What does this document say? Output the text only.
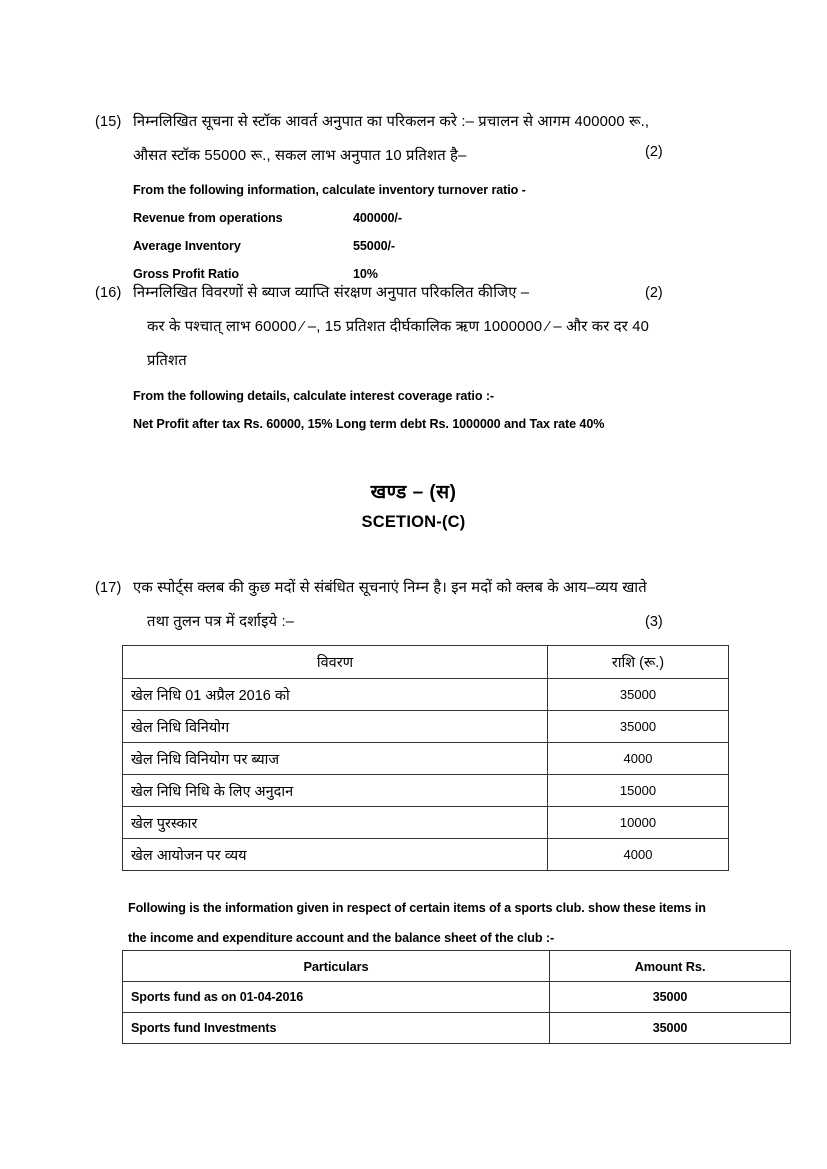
(15) निम्नलिखित सूचना से स्टॉक आवर्त अनुपात का परिकलन करे :– प्रचालन से आगम 400000 रू.,
औसत स्टॉक 55000 रू., सकल लाभ अनुपात 10 प्रतिशत है–
From the following information, calculate inventory turnover ratio -
Revenue from operations	400000/-
Average Inventory	55000/-
Gross Profit Ratio	10%
(2)
(16) निम्नलिखित विवरणों से ब्याज व्याप्ति संरक्षण अनुपात परिकलित कीजिए –
कर के पश्चात् लाभ 60000 ⁄ –, 15 प्रतिशत दीर्घकालिक ऋण 1000000 ⁄ – और कर दर 40
प्रतिशत
From the following details, calculate interest coverage ratio :-
Net Profit after tax Rs. 60000, 15% Long term debt Rs. 1000000 and Tax rate 40%
(2)
खण्ड – (स)
SCETION-(C)
(17) एक स्पोर्ट्स क्लब की कुछ मदों से संबंधित सूचनाएं निम्न है। इन मदों को क्लब के आय–व्यय खाते
तथा तुलन पत्र में दर्शाइये :–	(3)
विवरण	राशि (रू.)
खेल निधि 01 अप्रैल 2016 को	35000
खेल निधि विनियोग	35000
खेल निधि विनियोग पर ब्याज	4000
खेल निधि निधि के लिए अनुदान	15000
खेल पुरस्कार	10000
खेल आयोजन पर व्यय	4000
Following is the information given in respect of certain items of a sports club. show these items in
the income and expenditure account and the balance sheet of the club :-
Particulars	Amount Rs.
Sports fund as on 01-04-2016	35000
Sports fund Investments	35000
